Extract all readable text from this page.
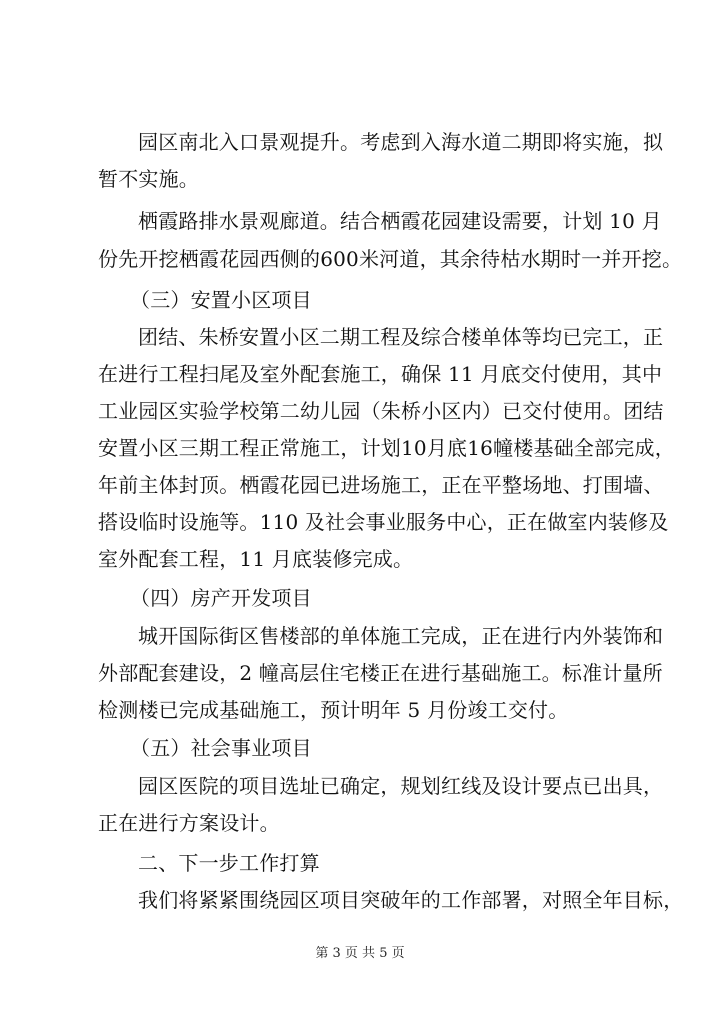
园区南北入口景观提升。考虑到入海水道二期即将实施，拟
暂不实施。
栖霞路排水景观廊道。结合栖霞花园建设需要，计划 10 月
份先开挖栖霞花园西侧的600米河道，其余待枯水期时一并开挖。
（三）安置小区项目
团结、朱桥安置小区二期工程及综合楼单体等均已完工，正
在进行工程扫尾及室外配套施工，确保 11 月底交付使用，其中
工业园区实验学校第二幼儿园（朱桥小区内）已交付使用。团结
安置小区三期工程正常施工，计划10月底16幢楼基础全部完成，
年前主体封顶。栖霞花园已进场施工，正在平整场地、打围墙、
搭设临时设施等。110 及社会事业服务中心，正在做室内装修及
室外配套工程，11 月底装修完成。
（四）房产开发项目
城开国际街区售楼部的单体施工完成，正在进行内外装饰和
外部配套建设，2 幢高层住宅楼正在进行基础施工。标准计量所
检测楼已完成基础施工，预计明年 5 月份竣工交付。
（五）社会事业项目
园区医院的项目选址已确定，规划红线及设计要点已出具，
正在进行方案设计。
二、下一步工作打算
我们将紧紧围绕园区项目突破年的工作部署，对照全年目标，
第 3 页 共 5 页
